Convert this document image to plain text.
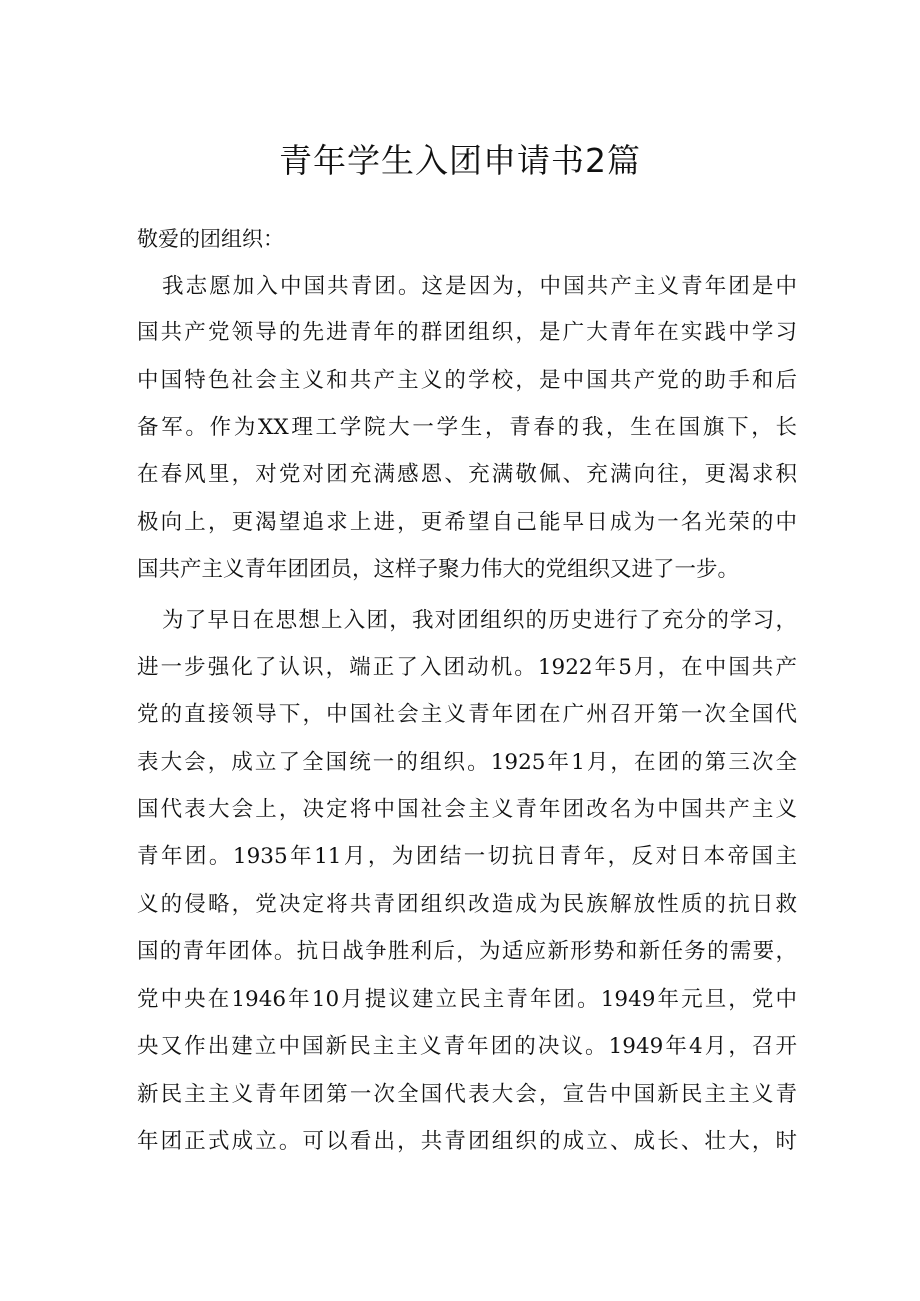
青年学生入团申请书2篇

敬爱的团组织：

我志愿加入中国共青团。这是因为，中国共产主义青年团是中

国共产党领导的先进青年的群团组织，是广大青年在实践中学习

中国特色社会主义和共产主义的学校，是中国共产党的助手和后

备军。作为XX理工学院大一学生，青春的我，生在国旗下，长

在春风里，对党对团充满感恩、充满敬佩、充满向往，更渴求积

极向上，更渴望追求上进，更希望自己能早日成为一名光荣的中

国共产主义青年团团员，这样子聚力伟大的党组织又进了一步。

为了早日在思想上入团，我对团组织的历史进行了充分的学习，

进一步强化了认识，端正了入团动机。1922年5月，在中国共产

党的直接领导下，中国社会主义青年团在广州召开第一次全国代

表大会，成立了全国统一的组织。1925年1月，在团的第三次全

国代表大会上，决定将中国社会主义青年团改名为中国共产主义

青年团。1935年11月，为团结一切抗日青年，反对日本帝国主

义的侵略，党决定将共青团组织改造成为民族解放性质的抗日救

国的青年团体。抗日战争胜利后，为适应新形势和新任务的需要，

党中央在1946年10月提议建立民主青年团。1949年元旦，党中

央又作出建立中国新民主主义青年团的决议。1949年4月，召开

新民主主义青年团第一次全国代表大会，宣告中国新民主主义青

年团正式成立。可以看出，共青团组织的成立、成长、壮大，时
